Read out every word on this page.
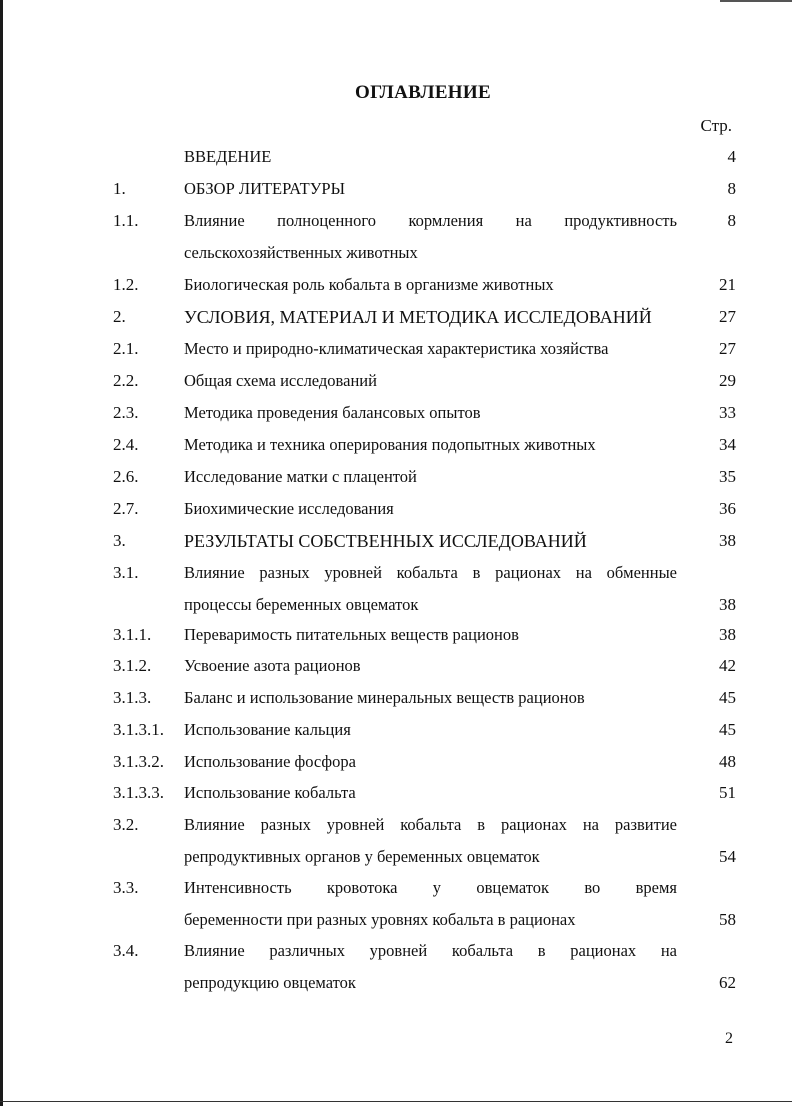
ОГЛАВЛЕНИЕ
Стр.
ВВЕДЕНИЕ	4
1.	ОБЗОР ЛИТЕРАТУРЫ	8
1.1.	Влияние полноценного кормления на продуктивность
сельскохозяйственных животных
8
1.2.	Биологическая роль кобальта в организме животных	21
2.	УСЛОВИЯ, МАТЕРИАЛ И МЕТОДИКА ИССЛЕДОВАНИЙ	27
2.1.	Место и природно-климатическая характеристика хозяйства	27
2.2.	Общая схема исследований	29
2.3.	Методика проведения балансовых опытов	33
2.4.	Методика и техника оперирования подопытных животных	34
2.6.	Исследование матки с плацентой	35
2.7.	Биохимические исследования	36
3.	РЕЗУЛЬТАТЫ СОБСТВЕННЫХ ИССЛЕДОВАНИЙ	38
3.1.	Влияние разных уровней кобальта в рационах на обменные
процессы беременных овцематок	38
3.1.1. Переваримость питательных веществ рационов	38
3.1.2. Усвоение азота рационов	42
3.1.3. Баланс и использование минеральных веществ рационов	45
3.1.3.1. Использование кальция	45
3.1.3.2. Использование фосфора	48
3.1.3.3. Использование кобальта	51
3.2.	Влияние разных уровней кобальта в рационах на развитие
репродуктивных органов у беременных овцематок	54
3.3.	Интенсивность кровотока у овцематок во время
беременности при разных уровнях кобальта в рационах	58
3.4.	Влияние различных уровней кобальта в рационах на
репродукцию овцематок	62
2
